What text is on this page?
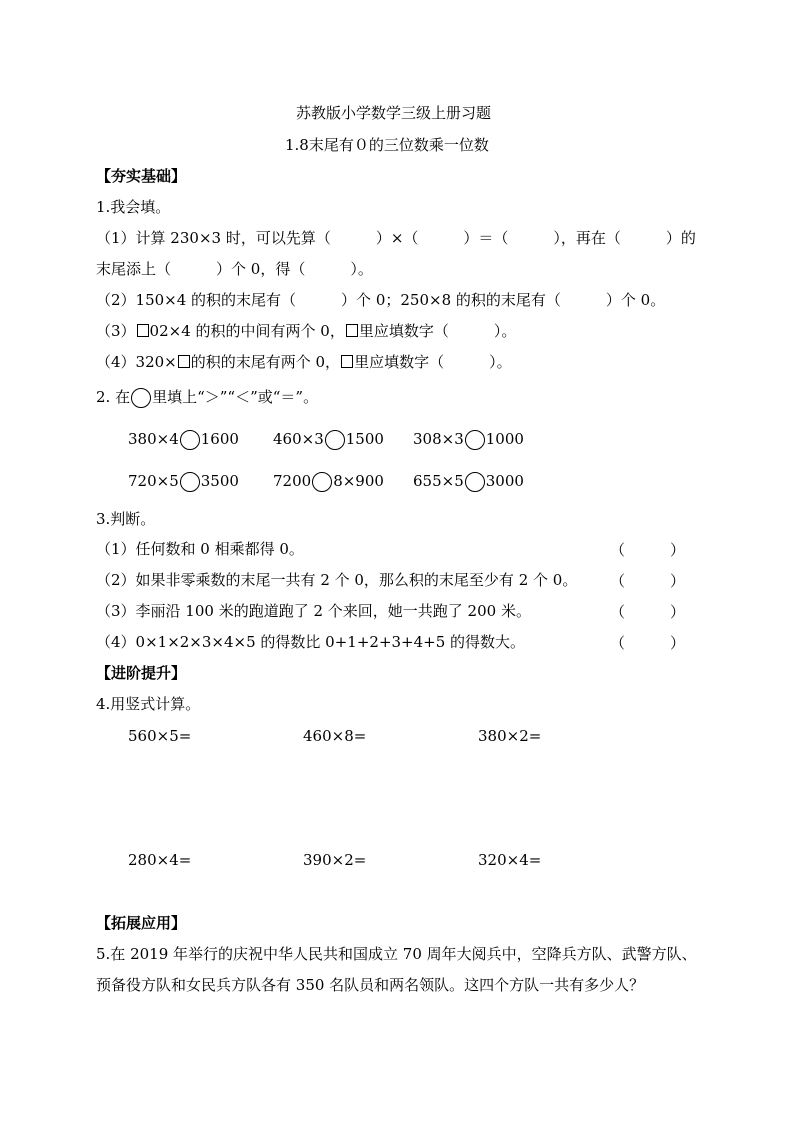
苏教版小学数学三级上册习题
1.8末尾有０的三位数乘一位数
【夯实基础】
1.我会填。
（1）计算 230×3 时，可以先算（　　　）×（　　　）＝（　　　），再在（　　　）的
末尾添上（　　　）个 0，得（　　　）。
（2）150×4 的积的末尾有（　　　）个 0；250×8 的积的末尾有（　　　）个 0。
（3） 02×4 的积的中间有两个 0， 里应填数字（　　　）。
（4）320× 的积的末尾有两个 0， 里应填数字（　　　）。
2. 在 里填上“＞”“＜”或“＝”。
380×4 1600 460×3 1500 308×3 1000
720×5 3500 7200 8×900 655×5 3000
3.判断。
（1）任何数和 0 相乘都得 0。	（　　　）
（2）如果非零乘数的末尾一共有 2 个 0，那么积的末尾至少有 2 个 0。 （　　　）
（3）李丽沿 100 米的跑道跑了 2 个来回，她一共跑了 200 米。	（　　　）
（4）0×1×2×3×4×5 的得数比 0+1+2+3+4+5 的得数大。	（　　　）
【进阶提升】
4.用竖式计算。
560×5=	460×8=	380×2=
280×4=	390×2=	320×4=
【拓展应用】
5.在 2019 年举行的庆祝中华人民共和国成立 70 周年大阅兵中，空降兵方队、武警方队、
预备役方队和女民兵方队各有 350 名队员和两名领队。这四个方队一共有多少人？
